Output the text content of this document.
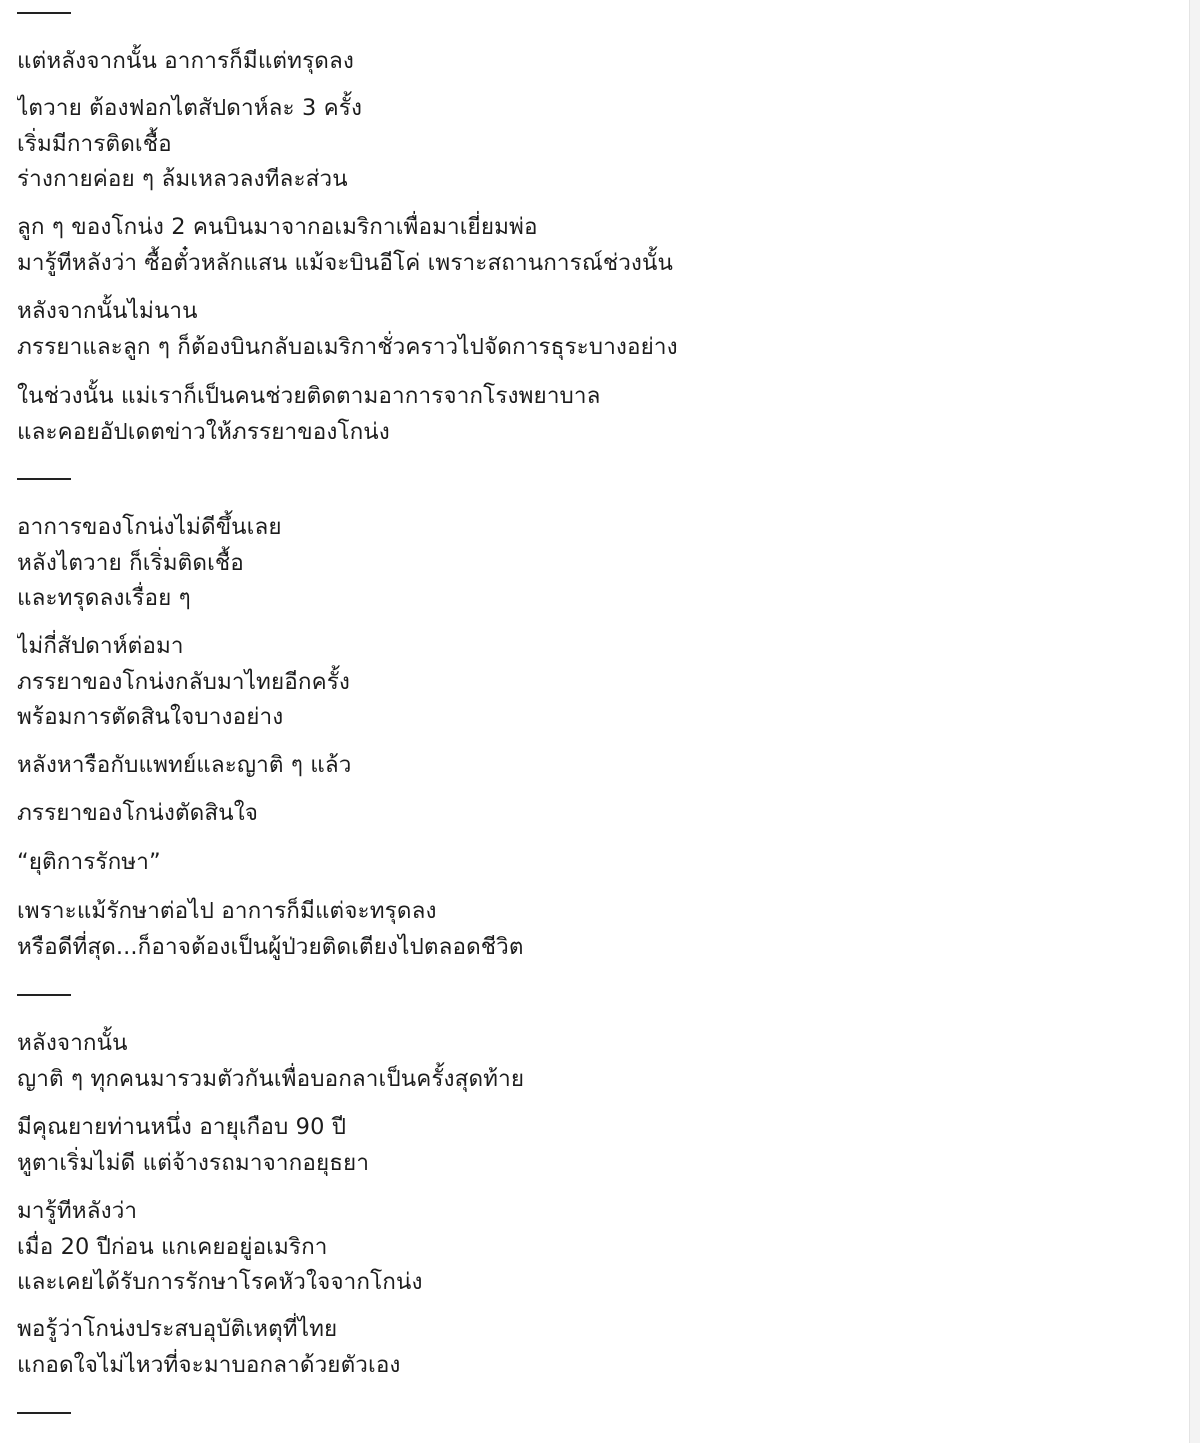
แต่หลังจากนั้น อาการก็มีแต่ทรุดลง

ไตวาย ต้องฟอกไตสัปดาห์ละ 3 ครั้ง
เริ่มมีการติดเชื้อ
ร่างกายค่อย ๆ ล้มเหลวลงทีละส่วน

ลูก ๆ ของโกน่ง 2 คนบินมาจากอเมริกาเพื่อมาเยี่ยมพ่อ
มารู้ทีหลังว่า ซื้อตั๋วหลักแสน แม้จะบินอีโค่ เพราะสถานการณ์ช่วงนั้น

หลังจากนั้นไม่นาน
ภรรยาและลูก ๆ ก็ต้องบินกลับอเมริกาชั่วคราวไปจัดการธุระบางอย่าง

ในช่วงนั้น แม่เราก็เป็นคนช่วยติดตามอาการจากโรงพยาบาล
และคอยอัปเดตข่าวให้ภรรยาของโกน่ง

อาการของโกน่งไม่ดีขึ้นเลย
หลังไตวาย ก็เริ่มติดเชื้อ
และทรุดลงเรื่อย ๆ

ไม่กี่สัปดาห์ต่อมา
ภรรยาของโกน่งกลับมาไทยอีกครั้ง
พร้อมการตัดสินใจบางอย่าง

หลังหารือกับแพทย์และญาติ ๆ แล้ว

ภรรยาของโกน่งตัดสินใจ

“ยุติการรักษา”

เพราะแม้รักษาต่อไป อาการก็มีแต่จะทรุดลง
หรือดีที่สุด...ก็อาจต้องเป็นผู้ป่วยติดเตียงไปตลอดชีวิต

หลังจากนั้น
ญาติ ๆ ทุกคนมารวมตัวกันเพื่อบอกลาเป็นครั้งสุดท้าย

มีคุณยายท่านหนึ่ง อายุเกือบ 90 ปี
หูตาเริ่มไม่ดี แต่จ้างรถมาจากอยุธยา

มารู้ทีหลังว่า
เมื่อ 20 ปีก่อน แกเคยอยู่อเมริกา
และเคยได้รับการรักษาโรคหัวใจจากโกน่ง

พอรู้ว่าโกน่งประสบอุบัติเหตุที่ไทย
แกอดใจไม่ไหวที่จะมาบอกลาด้วยตัวเอง
